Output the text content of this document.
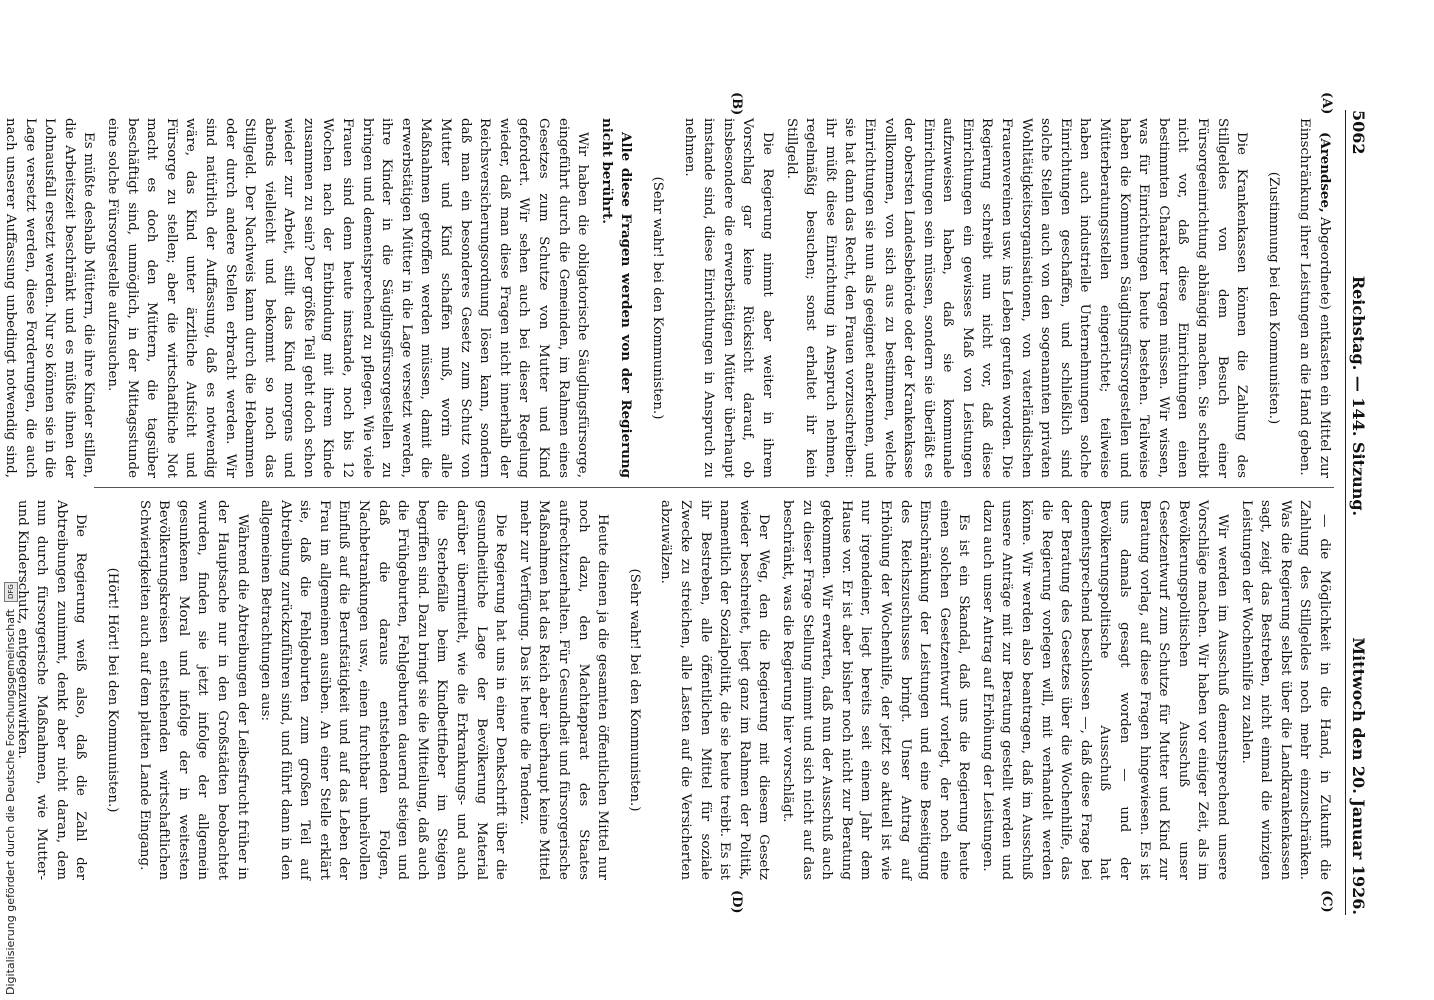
Digitalisierung gefördert durch die Deutsche Forschungsgemeinschaft DFG
5062
Reichstag. — 144. Sitzung.
Mittwoch den 20. Januar 1926.
(A)
(B)
(C)
(D)

(Arendsee, Abgeordnete) entkasten ein Mittel zur Einschränkung ihrer Leistungen an die Hand geben.

(Zustimmung bei den Kommunisten.)

Die Krankenkassen können die Zahlung des Stillgeldes von dem Besuch einer Fürsorgeeinrichtung abhängig machen. Sie schreibt nicht vor, daß diese Einrichtungen einen bestimmten Charakter tragen müssen. Wir wissen, was für Einrichtungen heute bestehen. Teilweise haben die Kommunen Säuglingsfürsorgestellen und Mütterberatungsstellen eingerichtet; teilweise haben auch industrielle Unternehmungen solche Einrichtungen geschaffen, und schließlich sind solche Stellen auch von den sogenannten privaten Wohltätigkeitsorganisationen, von vaterländischen Frauenvereinen usw. ins Leben gerufen worden. Die Regierung schreibt nun nicht vor, daß diese Einrichtungen ein gewisses Maß von Leistungen aufzuweisen haben, daß sie kommunale Einrichtungen sein müssen, sondern sie überläßt es der obersten Landesbehörde oder der Krankenkasse vollkommen, von sich aus zu bestimmen, welche Einrichtungen sie nun als geeignet anerkennen, und sie hat dann das Recht, den Frauen vorzuschreiben: ihr müßt diese Einrichtung in Anspruch nehmen, regelmäßig besuchen; sonst erhaltet ihr kein Stillgeld.

Die Regierung nimmt aber weiter in ihrem Vorschlag gar keine Rücksicht darauf, ob insbesondere die erwerbstätigen Mütter überhaupt imstande sind, diese Einrichtungen in Anspruch zu nehmen.

(Sehr wahr! bei den Kommunisten.)

Alle diese Fragen werden von der Regierung nicht berührt.

Wir haben die obligatorische Säuglingsfürsorge, eingeführt durch die Gemeinden, im Rahmen eines Gesetzes zum Schutze von Mutter und Kind gefordert. Wir sehen auch bei dieser Regelung wieder, daß man diese Fragen nicht innerhalb der Reichsversicherungsordnung lösen kann, sondern daß man ein besonderes Gesetz zum Schutz von Mutter und Kind schaffen muß, worin alle Maßnahmen getroffen werden müssen, damit die erwerbstätigen Mütter in die Lage versetzt werden, ihre Kinder in die Säuglingsfürsorgestellen zu bringen und dementsprechend zu pflegen. Wie viele Frauen sind denn heute imstande, noch bis 12 Wochen nach der Entbindung mit ihrem Kinde zusammen zu sein? Der größte Teil geht doch schon wieder zur Arbeit, stillt das Kind morgens und abends vielleicht und bekommt so noch das Stillgeld. Der Nachweis kann durch die Hebammen oder durch andere Stellen erbracht werden. Wir sind natürlich der Auffassung, daß es notwendig wäre, das Kind unter ärztliche Aufsicht und Fürsorge zu stellen; aber die wirtschaftliche Not macht es doch den Müttern, die tagsüber beschäftigt sind, unmöglich, in der Mittagsstunde eine solche Fürsorgestelle aufzusuchen.

Es müßte deshalb Müttern, die ihre Kinder stillen, die Arbeitszeit beschränkt und es müßte ihnen der Lohnausfall ersetzt werden. Nur so können sie in die Lage versetzt werden, diese Forderungen, die auch nach unserer Auffassung unbedingt notwendig sind,

— die Möglichkeit in die Hand, in Zukunft die Zahlung des Stillgeldes noch mehr einzuschränken. Was die Regierung selbst über die Landkrankenkassen sagt, zeigt das Bestreben, nicht einmal die winzigen Leistungen der Wochenhilfe zu zahlen.

Wir werden im Ausschuß dementsprechend unsere Vorschläge machen. Wir haben vor einiger Zeit, als im Bevölkerungspolitischen Ausschuß unser Gesetzentwurf zum Schutze für Mutter und Kind zur Beratung vorlag, auf diese Fragen hingewiesen. Es ist uns damals gesagt worden — und der Bevölkerungspolitische Ausschuß hat dementsprechend beschlossen —, daß diese Frage bei der Beratung des Gesetzes über die Wochenhilfe, das die Regierung vorlegen will, mit verhandelt werden könne. Wir werden also beantragen, daß im Ausschuß unsere Anträge mit zur Beratung gestellt werden und dazu auch unser Antrag auf Erhöhung der Leistungen.

Es ist ein Skandal, daß uns die Regierung heute einen solchen Gesetzentwurf vorlegt, der noch eine Einschränkung der Leistungen und eine Beseitigung des Reichszuschusses bringt. Unser Antrag auf Erhöhung der Wochenhilfe, der jetzt so aktuell ist wie nur irgendeiner, liegt bereits seit einem Jahr dem Hause vor. Er ist aber bisher noch nicht zur Beratung gekommen. Wir erwarten, daß nun der Ausschuß auch zu dieser Frage Stellung nimmt und sich nicht auf das beschränkt, was die Regierung hier vorschlägt.

Der Weg, den die Regierung mit diesem Gesetz wieder beschreitet, liegt ganz im Rahmen der Politik, namentlich der Sozialpolitik, die sie heute treibt. Es ist ihr Bestreben, alle öffentlichen Mittel für soziale Zwecke zu streichen, alle Lasten auf die Versicherten abzuwälzen.

(Sehr wahr! bei den Kommunisten.)

Heute dienen ja die gesamten öffentlichen Mittel nur noch dazu, den Machtapparat des Staates aufrechtzuerhalten. Für Gesundheit und fürsorgerische Maßnahmen hat das Reich aber überhaupt keine Mittel mehr zur Verfügung. Das ist heute die Tendenz.

Die Regierung hat uns in einer Denkschrift über die gesundheitliche Lage der Bevölkerung Material darüber übermittelt, wie die Erkrankungs- und auch die Sterbefälle beim Kindbettfieber im Steigen begriffen sind. Dazu bringt sie die Mitteilung, daß auch die Frühgeburten, Fehlgeburten dauernd steigen und daß die daraus entstehenden Folgen, Nachbetrankungen usw., einen furchtbar unheilvollen Einfluß auf die Berufstätigkeit und auf das Leben der Frau im allgemeinen ausüben. An einer Stelle erklärt sie, daß die Fehlgeburten zum großen Teil auf Abtreibung zurückzuführen sind, und führt dann in den allgemeinen Betrachtungen aus:

Während die Abtreibungen der Leibesfrucht früher in der Hauptsache nur in den Großstädten beobachtet wurden, finden sie jetzt infolge der allgemein gesunkenen Moral und infolge der in weitesten Bevölkerungskreisen entstehenden wirtschaftlichen Schwierigkeiten auch auf dem platten Lande Eingang.

(Hört! Hört! bei den Kommunisten.)

Die Regierung weiß also, daß die Zahl der Abtreibungen zunimmt, denkt aber nicht daran, dem nun durch fürsorgerische Maßnahmen, wie Mutter- und Kinderschutz, entgegenzuwirken.
